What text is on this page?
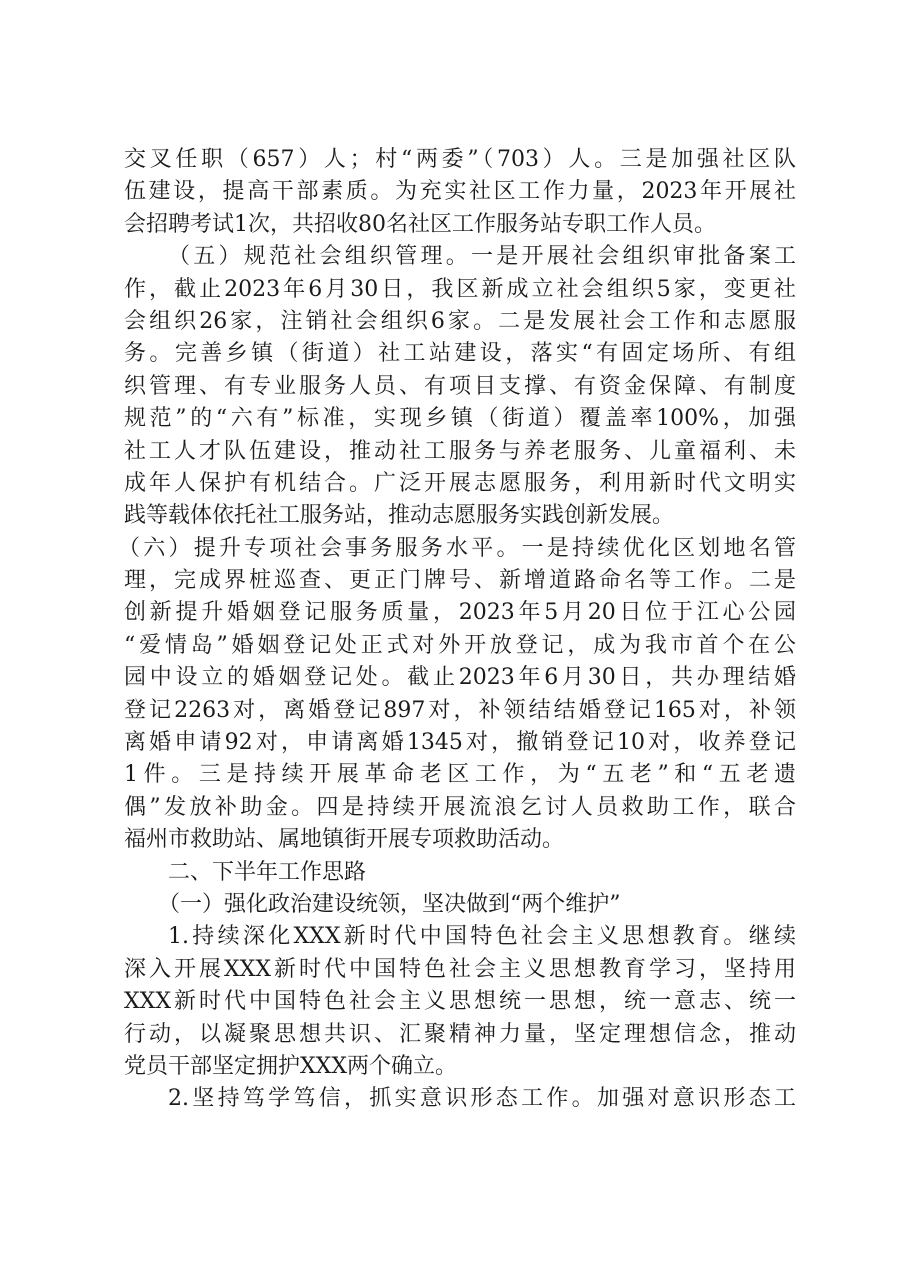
交叉任职（657）人；村“两委”（703）人。三是加强社区队
伍建设，提高干部素质。为充实社区工作力量，2023年开展社
会招聘考试1次，共招收80名社区工作服务站专职工作人员。
（五）规范社会组织管理。一是开展社会组织审批备案工
作，截止2023年6月30日，我区新成立社会组织5家，变更社
会组织26家，注销社会组织6家。二是发展社会工作和志愿服
务。完善乡镇（街道）社工站建设，落实“有固定场所、有组
织管理、有专业服务人员、有项目支撑、有资金保障、有制度
规范”的“六有”标准，实现乡镇（街道）覆盖率100%，加强
社工人才队伍建设，推动社工服务与养老服务、儿童福利、未
成年人保护有机结合。广泛开展志愿服务，利用新时代文明实
践等载体依托社工服务站，推动志愿服务实践创新发展。
（六）提升专项社会事务服务水平。一是持续优化区划地名管
理，完成界桩巡查、更正门牌号、新增道路命名等工作。二是
创新提升婚姻登记服务质量，2023年5月20日位于江心公园
“爱情岛”婚姻登记处正式对外开放登记，成为我市首个在公
园中设立的婚姻登记处。截止2023年6月30日，共办理结婚
登记2263对，离婚登记897对，补领结结婚登记165对，补领
离婚申请92对，申请离婚1345对，撤销登记10对，收养登记
1件。三是持续开展革命老区工作，为“五老”和“五老遗
偶”发放补助金。四是持续开展流浪乞讨人员救助工作，联合
福州市救助站、属地镇街开展专项救助活动。
二、下半年工作思路
（一）强化政治建设统领，坚决做到“两个维护”
1.持续深化XXX新时代中国特色社会主义思想教育。继续
深入开展XXX新时代中国特色社会主义思想教育学习，坚持用
XXX新时代中国特色社会主义思想统一思想，统一意志、统一
行动，以凝聚思想共识、汇聚精神力量，坚定理想信念，推动
党员干部坚定拥护XXX两个确立。
2.坚持笃学笃信，抓实意识形态工作。加强对意识形态工
